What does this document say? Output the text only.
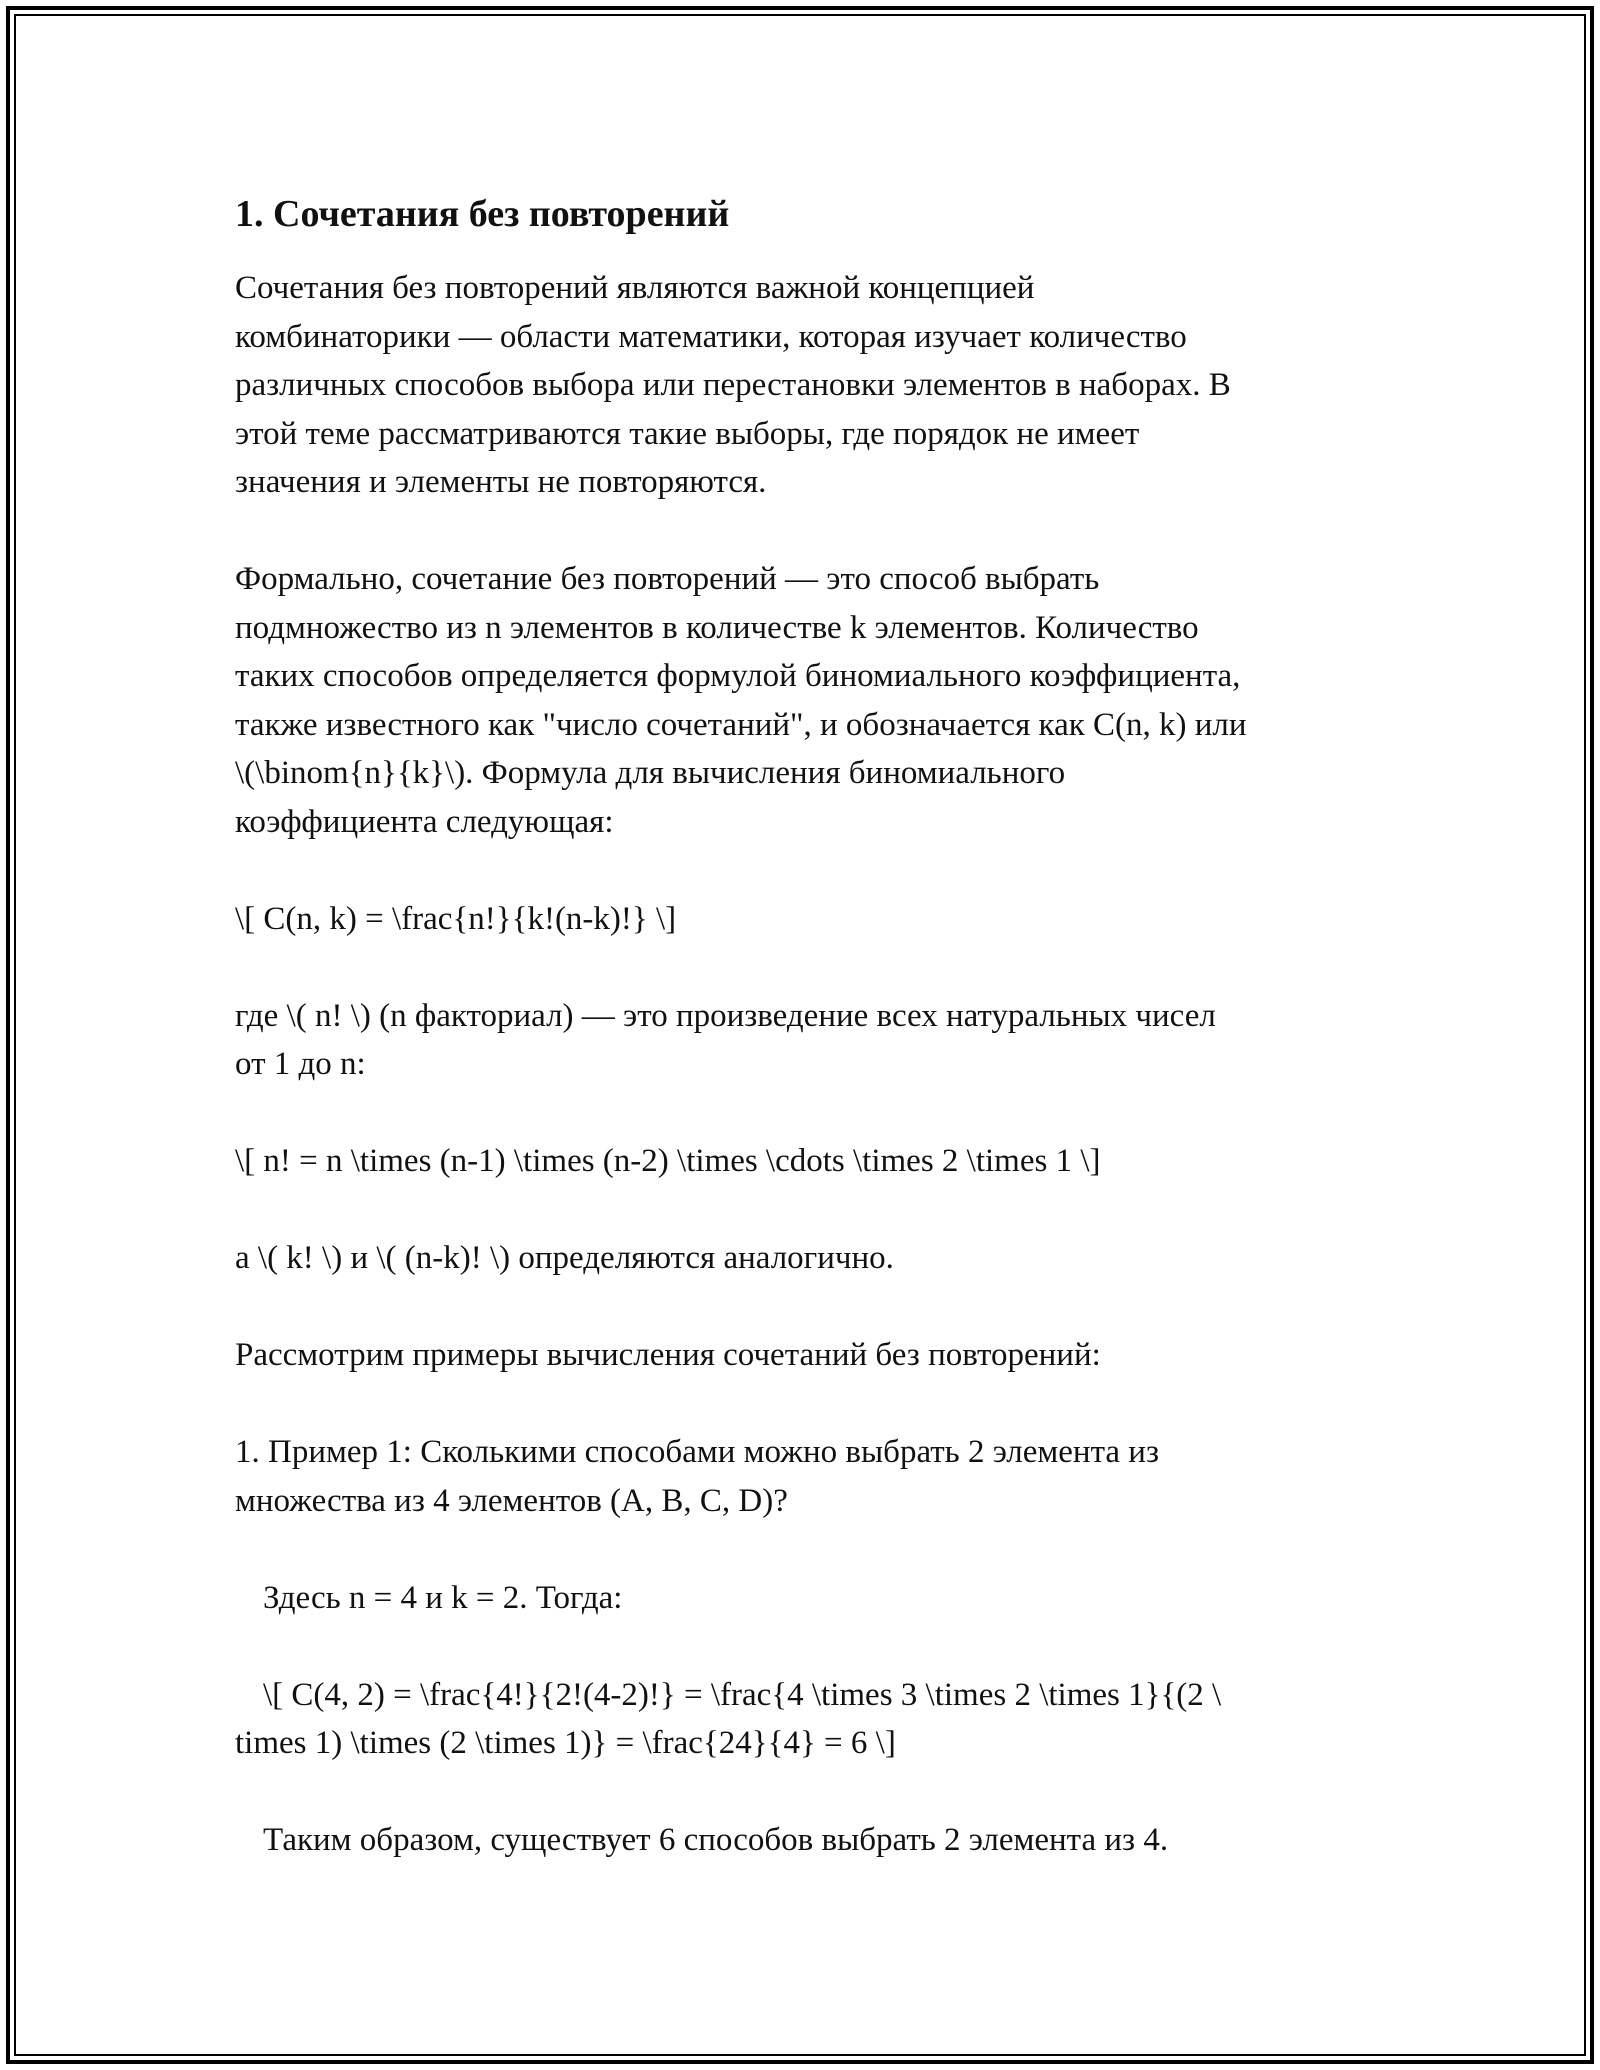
1. Сочетания без повторений

Сочетания без повторений являются важной концепцией
комбинаторики — области математики, которая изучает количество
различных способов выбора или перестановки элементов в наборах. В
этой теме рассматриваются такие выборы, где порядок не имеет
значения и элементы не повторяются.

Формально, сочетание без повторений — это способ выбрать
подмножество из n элементов в количестве k элементов. Количество
таких способов определяется формулой биномиального коэффициента,
также известного как "число сочетаний", и обозначается как C(n, k) или
\(\binom{n}{k}\). Формула для вычисления биномиального
коэффициента следующая:

\[ C(n, k) = \frac{n!}{k!(n-k)!} \]

где \( n! \) (n факториал) — это произведение всех натуральных чисел
от 1 до n:

\[ n! = n \times (n-1) \times (n-2) \times \cdots \times 2 \times 1 \]

а \( k! \) и \( (n-k)! \) определяются аналогично.

Рассмотрим примеры вычисления сочетаний без повторений:

1. Пример 1: Сколькими способами можно выбрать 2 элемента из
множества из 4 элементов (A, B, C, D)?

Здесь n = 4 и k = 2. Тогда:

\[ C(4, 2) = \frac{4!}{2!(4-2)!} = \frac{4 \times 3 \times 2 \times 1}{(2 \

times 1) \times (2 \times 1)} = \frac{24}{4} = 6 \]

Таким образом, существует 6 способов выбрать 2 элемента из 4.
